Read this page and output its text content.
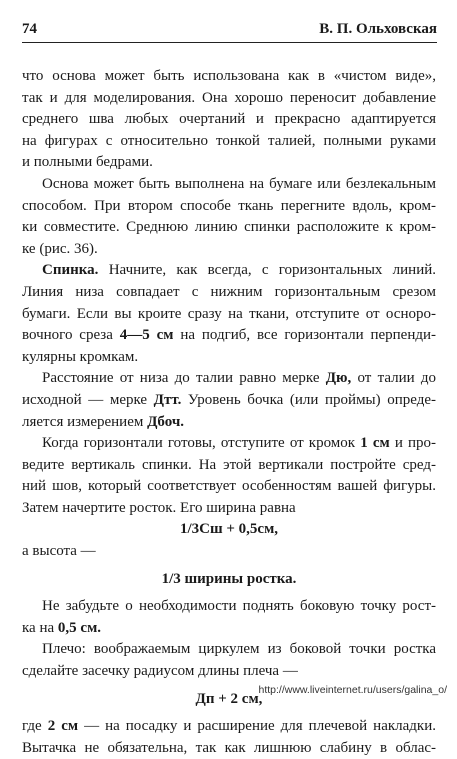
74	В. П. Ольховская
что основа может быть использована как в «чистом виде»,
так и для моделирования. Она хорошо переносит добавление
среднего шва любых очертаний и прекрасно адаптируется
на фигурах с относительно тонкой талией, полными руками
и полными бедрами.
Основа может быть выполнена на бумаге или безлекальным
способом. При втором способе ткань перегните вдоль, кром-
ки совместите. Среднюю линию спинки расположите к кром-
ке (рис. 36).
Спинка. Начните, как всегда, с горизонтальных линий.
Линия низа совпадает с нижним горизонтальным срезом
бумаги. Если вы кроите сразу на ткани, отступите от осноро-
вочного среза 4—5 см на подгиб, все горизонтали перпенди-
кулярны кромкам.
Расстояние от низа до талии равно мерке Дю, от талии до
исходной — мерке Дтт. Уровень бочка (или проймы) опреде-
ляется измерением Дбоч.
Когда горизонтали готовы, отступите от кромок 1 см и про-
ведите вертикаль спинки. На этой вертикали постройте сред-
ний шов, который соответствует особенностям вашей фигуры.
Затем начертите росток. Его ширина равна
1/3Сш + 0,5см,
а высота —
1/3 ширины ростка.
Не забудьте о необходимости поднять боковую точку рост-
ка на 0,5 см.
Плечо: воображаемым циркулем из боковой точки ростка
сделайте засечку радиусом длины плеча —
Дп + 2 см,
где 2 см — на посадку и расширение для плечевой накладки.
Вытачка не обязательна, так как лишнюю слабину в облас-
http://www.liveinternet.ru/users/galina_o/
